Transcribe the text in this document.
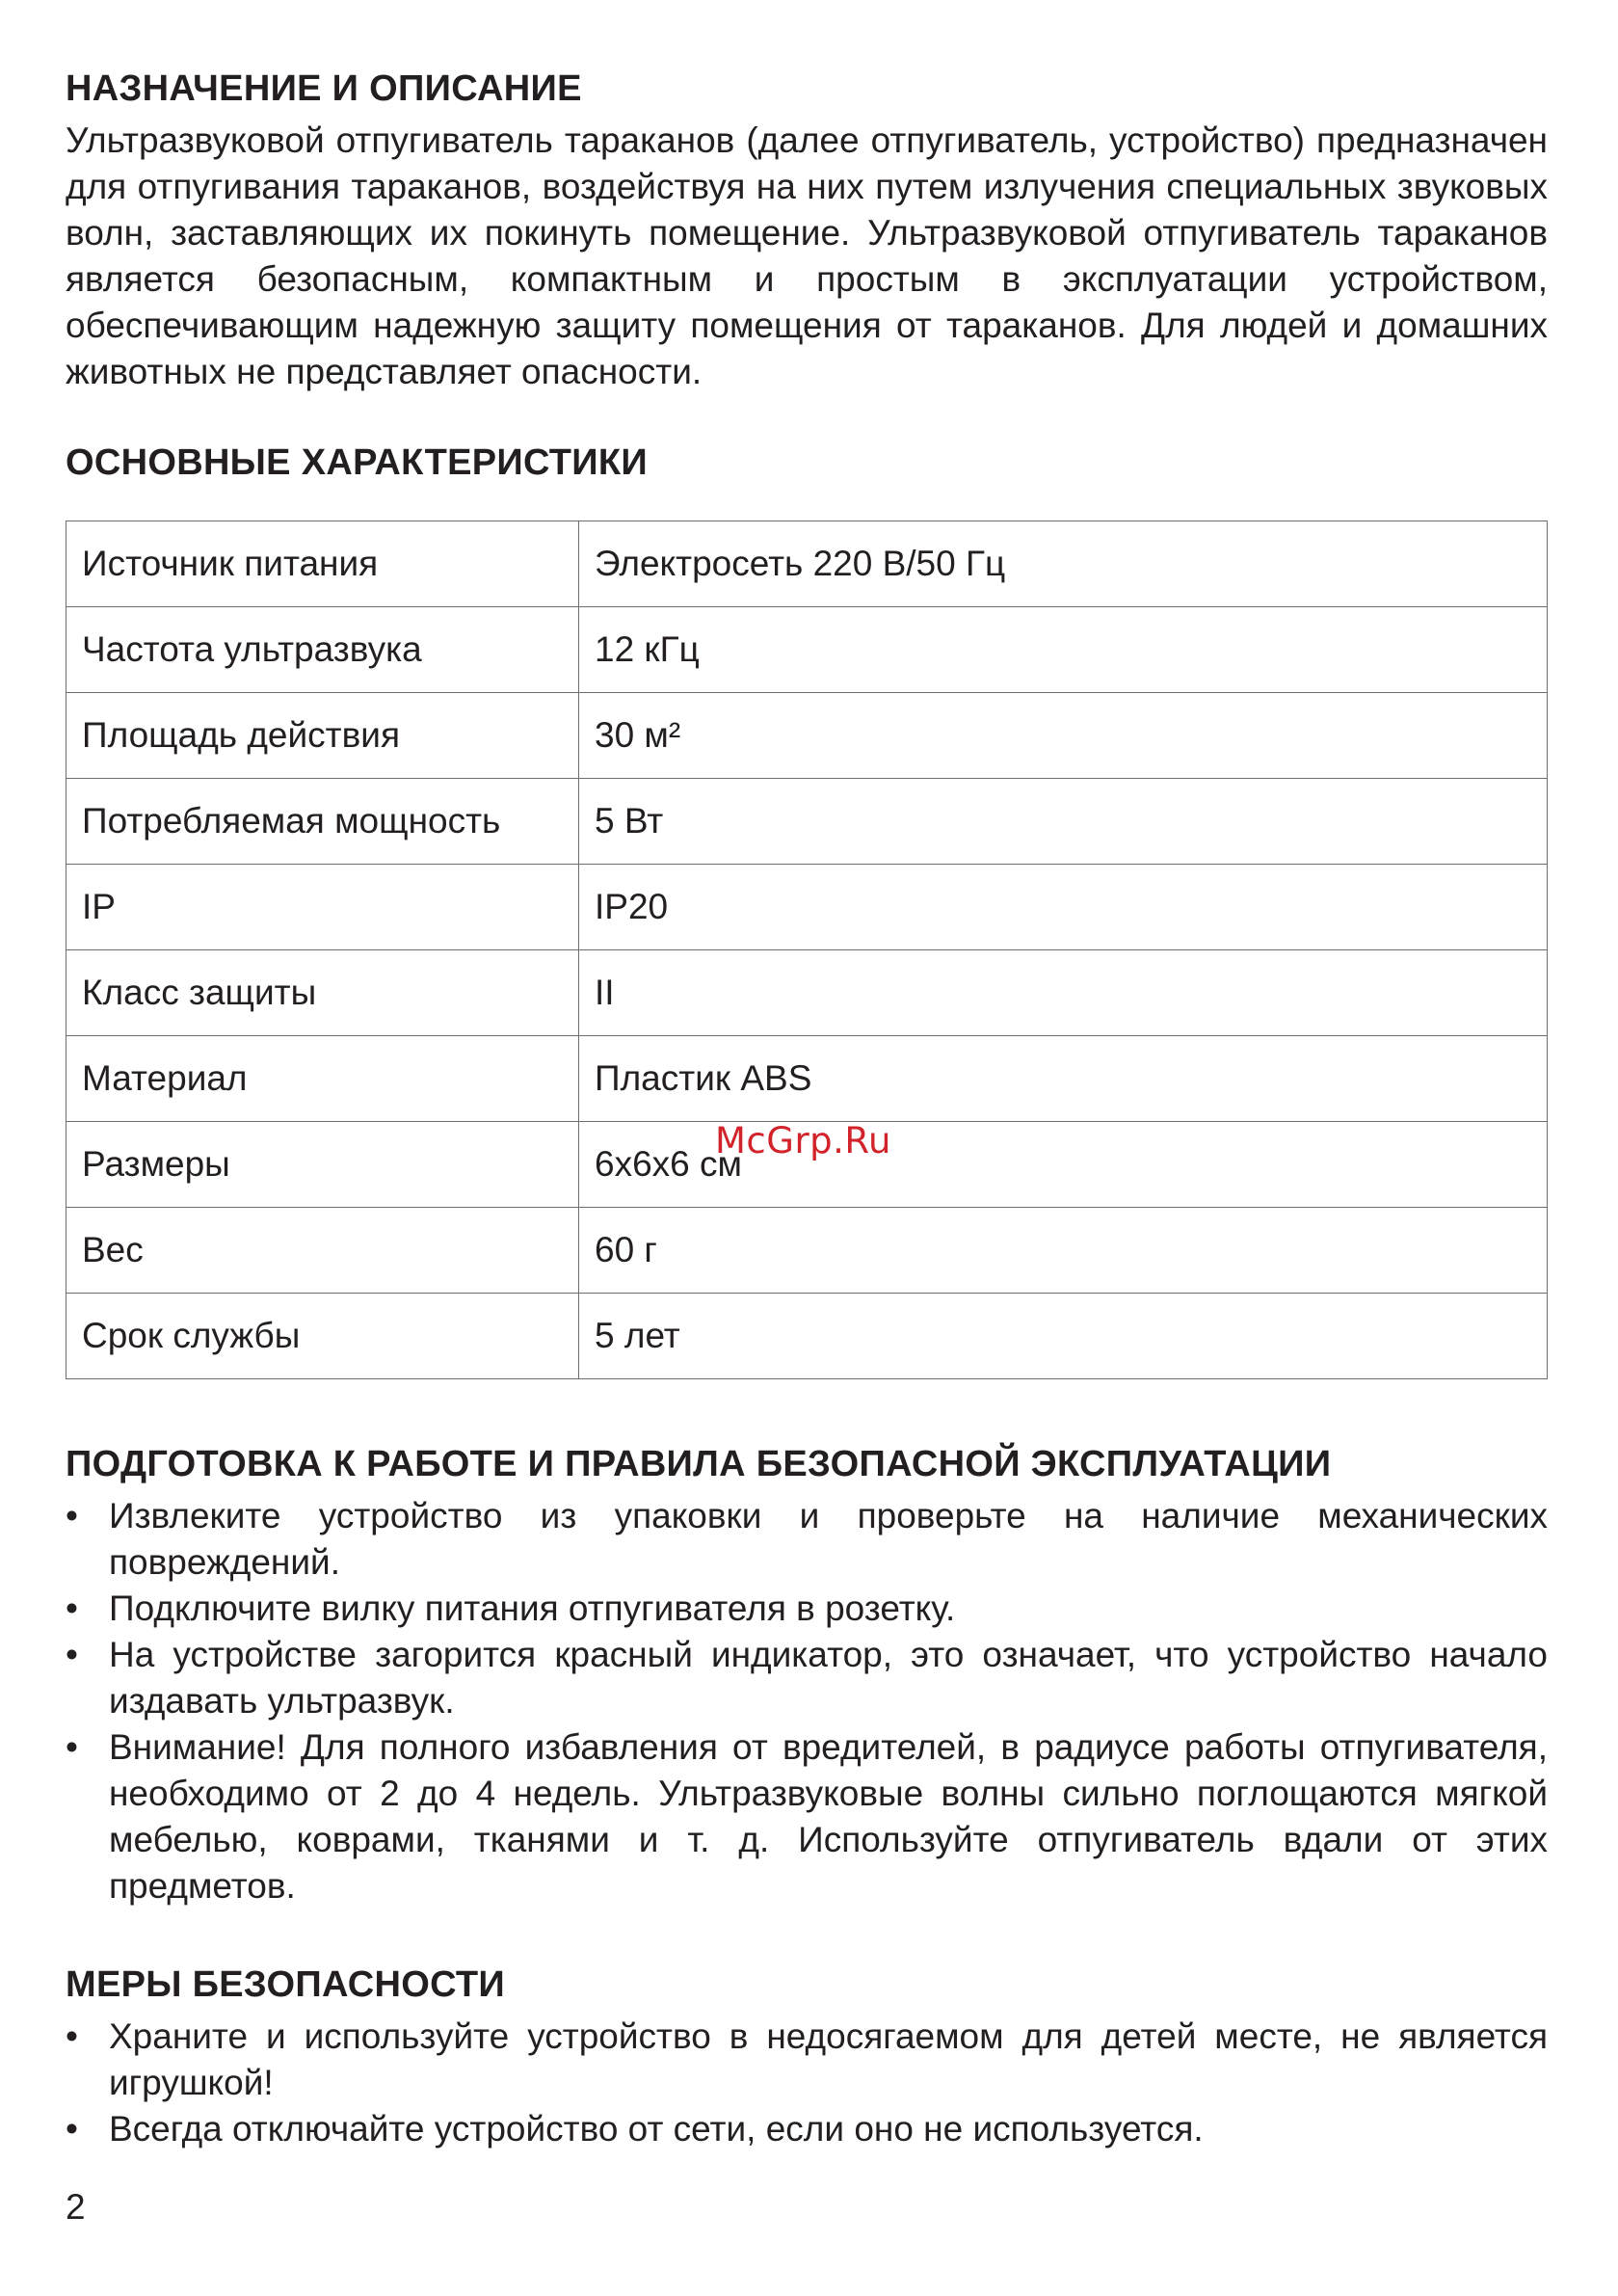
НАЗНАЧЕНИЕ И ОПИСАНИЕ

Ультразвуковой отпугиватель тараканов (далее отпугиватель, устройство) предназначен для отпугивания тараканов, воздействуя на них путем излучения специальных звуковых волн, заставляющих их покинуть помещение. Ультразвуковой отпугиватель тараканов является безопасным, компактным и простым в эксплуатации устройством, обеспечивающим надежную защиту помещения от тараканов. Для людей и домашних животных не представляет опасности.

ОСНОВНЫЕ ХАРАКТЕРИСТИКИ
Источник питания	Электросеть 220 В/50 Гц
Частота ультразвука	12 кГц
Площадь действия	30 м²
Потребляемая мощность	5 Вт
IP	IP20
Класс защиты	II
Материал	Пластик ABS
Размеры	6х6х6 см
Вес	60 г
Срок службы	5 лет
ПОДГОТОВКА К РАБОТЕ И ПРАВИЛА БЕЗОПАСНОЙ ЭКСПЛУАТАЦИИ
• Извлеките устройство из упаковки и проверьте на наличие механических повреждений.
• Подключите вилку питания отпугивателя в розетку.
• На устройстве загорится красный индикатор, это означает, что устройство начало издавать ультразвук.
• Внимание! Для полного избавления от вредителей, в радиусе работы отпугивателя, необходимо от 2 до 4 недель. Ультразвуковые волны сильно поглощаются мягкой мебелью, коврами, тканями и т. д. Используйте отпугиватель вдали от этих предметов.
МЕРЫ БЕЗОПАСНОСТИ
• Храните и используйте устройство в недосягаемом для детей месте, не является игрушкой!
• Всегда отключайте устройство от сети, если оно не используется.
McGrp.Ru
2
